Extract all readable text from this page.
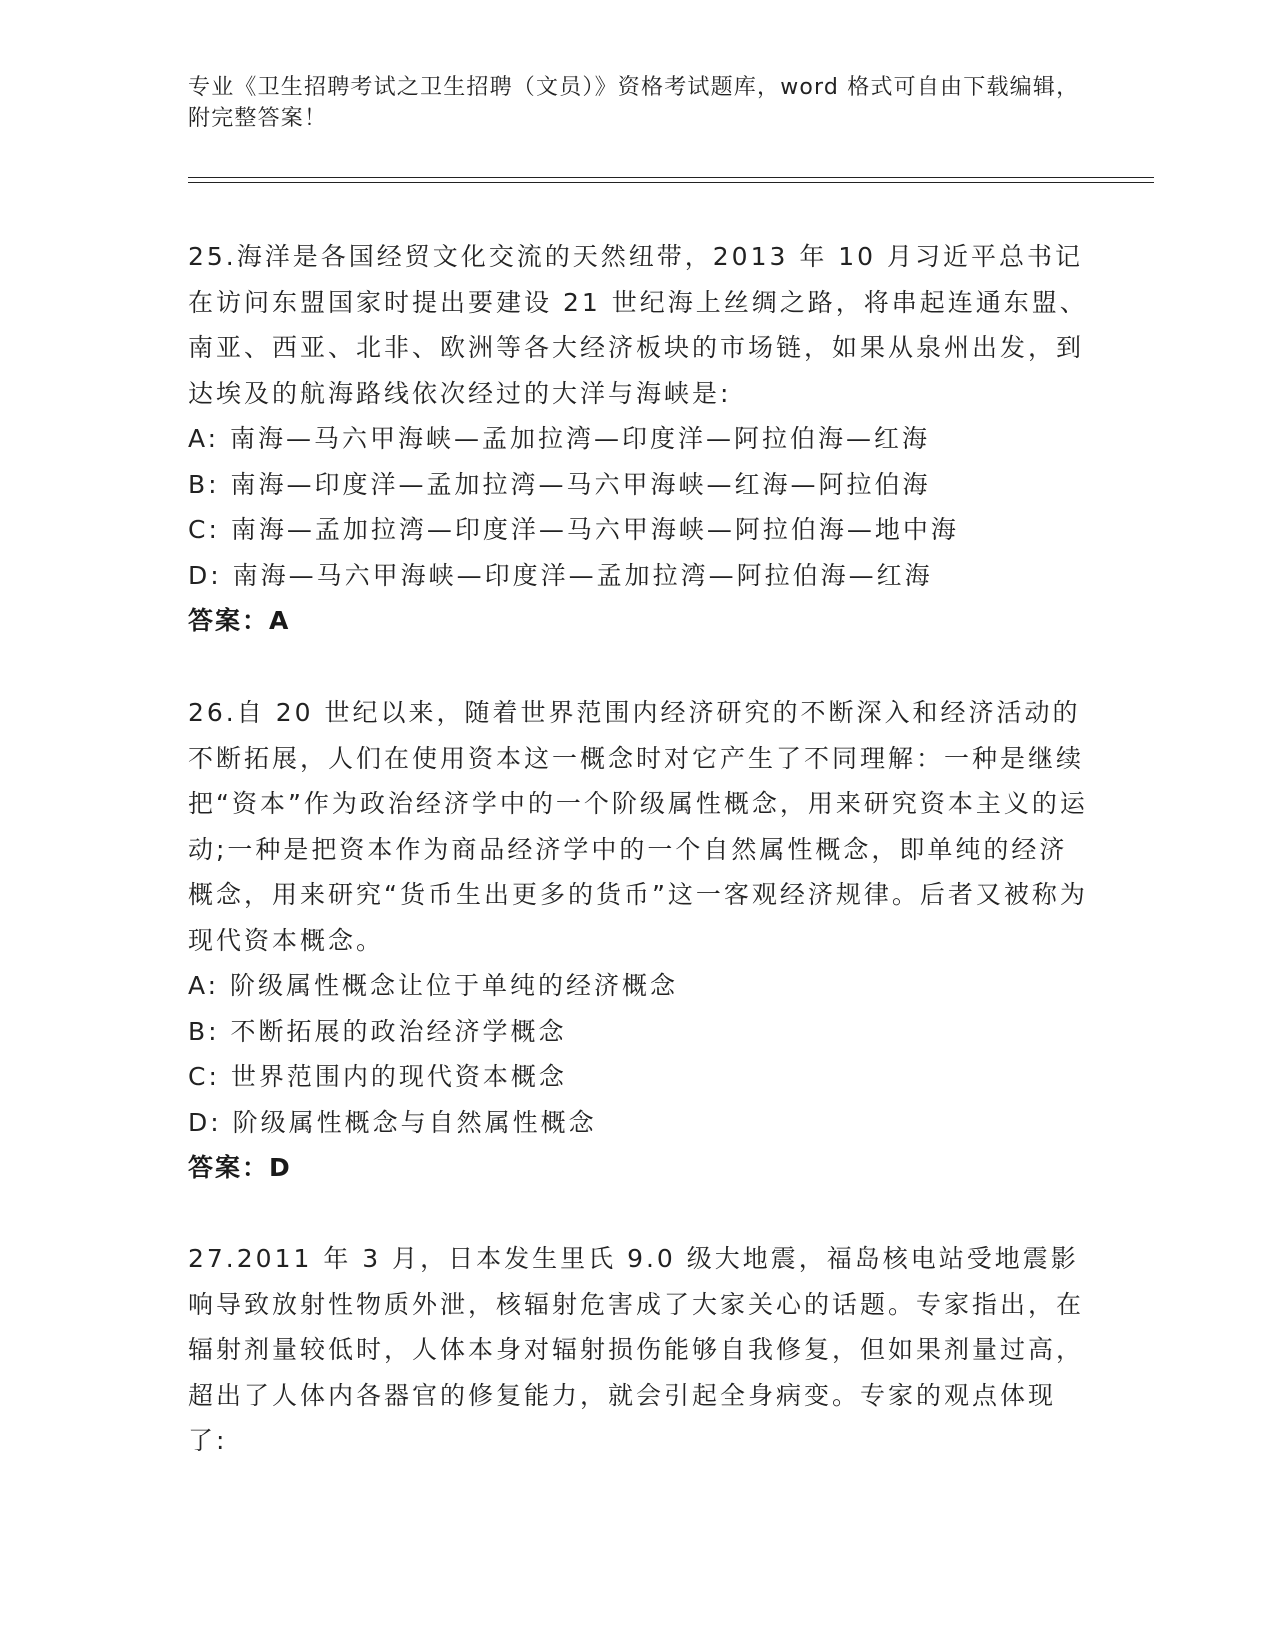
专业《卫生招聘考试之卫生招聘（文员）》资格考试题库，word 格式可自由下载编辑，附完整答案！
25.海洋是各国经贸文化交流的天然纽带，2013 年 10 月习近平总书记在访问东盟国家时提出要建设 21 世纪海上丝绸之路，将串起连通东盟、南亚、西亚、北非、欧洲等各大经济板块的市场链，如果从泉州出发，到达埃及的航海路线依次经过的大洋与海峡是:
A: 南海—马六甲海峡—孟加拉湾—印度洋—阿拉伯海—红海
B: 南海—印度洋—孟加拉湾—马六甲海峡—红海—阿拉伯海
C: 南海—孟加拉湾—印度洋—马六甲海峡—阿拉伯海—地中海
D: 南海—马六甲海峡—印度洋—孟加拉湾—阿拉伯海—红海
答案：A
26.自 20 世纪以来，随着世界范围内经济研究的不断深入和经济活动的不断拓展，人们在使用资本这一概念时对它产生了不同理解：一种是继续把“资本”作为政治经济学中的一个阶级属性概念，用来研究资本主义的运动;一种是把资本作为商品经济学中的一个自然属性概念，即单纯的经济概念，用来研究“货币生出更多的货币”这一客观经济规律。后者又被称为现代资本概念。
A: 阶级属性概念让位于单纯的经济概念
B: 不断拓展的政治经济学概念
C: 世界范围内的现代资本概念
D: 阶级属性概念与自然属性概念
答案：D
27.2011 年 3 月，日本发生里氏 9.0 级大地震，福岛核电站受地震影响导致放射性物质外泄，核辐射危害成了大家关心的话题。专家指出，在辐射剂量较低时，人体本身对辐射损伤能够自我修复，但如果剂量过高，超出了人体内各器官的修复能力，就会引起全身病变。专家的观点体现了:
